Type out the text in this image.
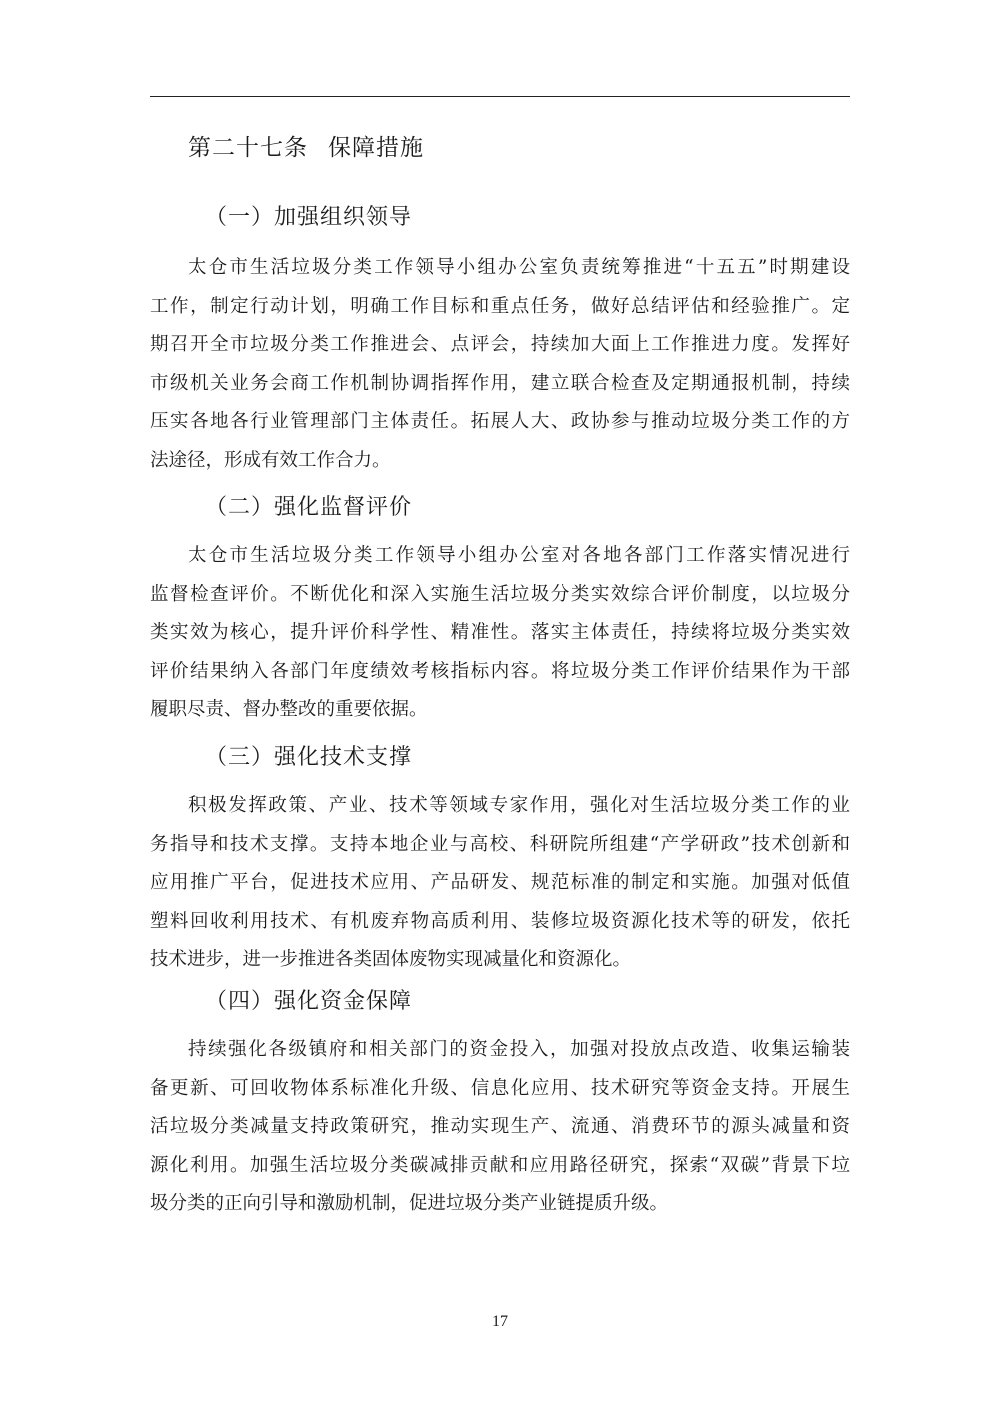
第二十七条 保障措施
（一）加强组织领导
太仓市生活垃圾分类工作领导小组办公室负责统筹推进“十五五”时期建设
工作，制定行动计划，明确工作目标和重点任务，做好总结评估和经验推广。定
期召开全市垃圾分类工作推进会、点评会，持续加大面上工作推进力度。发挥好
市级机关业务会商工作机制协调指挥作用，建立联合检查及定期通报机制，持续
压实各地各行业管理部门主体责任。拓展人大、政协参与推动垃圾分类工作的方
法途径，形成有效工作合力。
（二）强化监督评价
太仓市生活垃圾分类工作领导小组办公室对各地各部门工作落实情况进行
监督检查评价。不断优化和深入实施生活垃圾分类实效综合评价制度，以垃圾分
类实效为核心，提升评价科学性、精准性。落实主体责任，持续将垃圾分类实效
评价结果纳入各部门年度绩效考核指标内容。将垃圾分类工作评价结果作为干部
履职尽责、督办整改的重要依据。
（三）强化技术支撑
积极发挥政策、产业、技术等领域专家作用，强化对生活垃圾分类工作的业
务指导和技术支撑。支持本地企业与高校、科研院所组建“产学研政”技术创新和
应用推广平台，促进技术应用、产品研发、规范标准的制定和实施。加强对低值
塑料回收利用技术、有机废弃物高质利用、装修垃圾资源化技术等的研发，依托
技术进步，进一步推进各类固体废物实现减量化和资源化。
（四）强化资金保障
持续强化各级镇府和相关部门的资金投入，加强对投放点改造、收集运输装
备更新、可回收物体系标准化升级、信息化应用、技术研究等资金支持。开展生
活垃圾分类减量支持政策研究，推动实现生产、流通、消费环节的源头减量和资
源化利用。加强生活垃圾分类碳减排贡献和应用路径研究，探索“双碳”背景下垃
圾分类的正向引导和激励机制，促进垃圾分类产业链提质升级。
17
